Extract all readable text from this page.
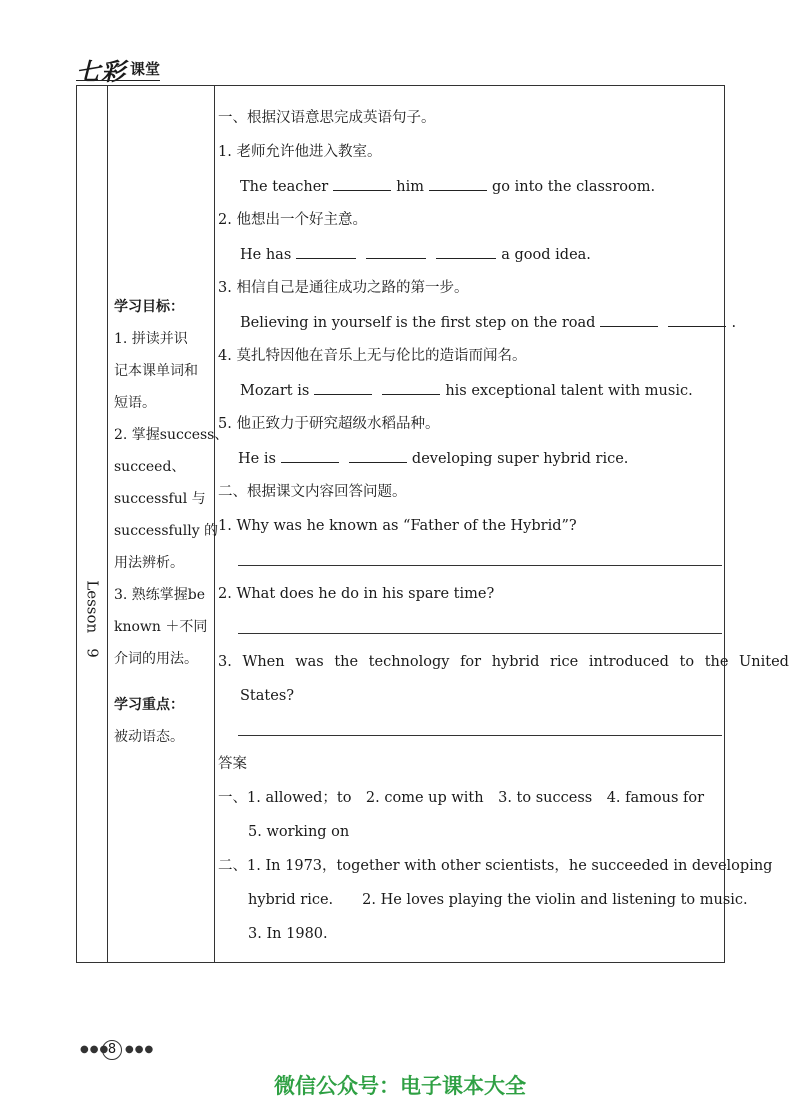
七彩 课堂
Lesson　9
学习目标：
1. 拼读并识
记本课单词和
短语。
2. 掌握success、
succeed、
successful 与
successfully 的
用法辨析。
3. 熟练掌握be
known ＋不同
介词的用法。
学习重点：
被动语态。
一、根据汉语意思完成英语句子。
1. 老师允许他进入教室。
The teacher	him	go into the classroom.
2. 他想出一个好主意。
He has	a good idea.
3. 相信自己是通往成功之路的第一步。
Believing in yourself is the first step on the road	.
4. 莫扎特因他在音乐上无与伦比的造诣而闻名。
Mozart is	his exceptional talent with music.
5. 他正致力于研究超级水稻品种。
He is	developing super hybrid rice.
二、根据课文内容回答问题。
1. Why was he known as “Father of the Hybrid”?
2. What does he do in his spare time?
3. When was the technology for hybrid rice introduced to the United
States?
答案
一、1. allowed；to　2. come up with　3. to success　4. famous for
5. working on
二、1. In 1973，together with other scientists，he succeeded in developing
hybrid rice.　　2. He loves playing the violin and listening to music.
3. In 1980.
●●●
8 ●●●
微信公众号：电子课本大全
